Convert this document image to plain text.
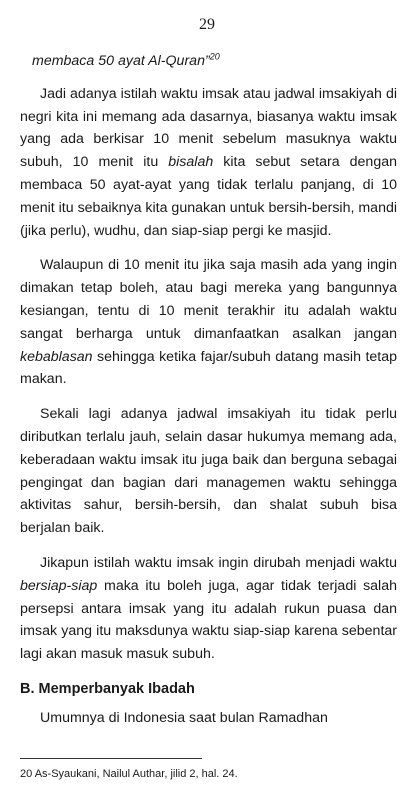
29

membaca 50 ayat Al-Quran”$^{20}$

Jadi adanya istilah waktu imsak atau jadwal imsakiyah di negri kita ini memang ada dasarnya, biasanya waktu imsak yang ada berkisar 10 menit sebelum masuknya waktu subuh, 10 menit itu bisalah kita sebut setara dengan membaca 50 ayat-ayat yang tidak terlalu panjang, di 10 menit itu sebaiknya kita gunakan untuk bersih-bersih, mandi (jika perlu), wudhu, dan siap-siap pergi ke masjid.

Walaupun di 10 menit itu jika saja masih ada yang ingin dimakan tetap boleh, atau bagi mereka yang bangunnya kesiangan, tentu di 10 menit terakhir itu adalah waktu sangat berharga untuk dimanfaatkan asalkan jangan kebablasan sehingga ketika fajar/subuh datang masih tetap makan.

Sekali lagi adanya jadwal imsakiyah itu tidak perlu diributkan terlalu jauh, selain dasar hukumya memang ada, keberadaan waktu imsak itu juga baik dan berguna sebagai pengingat dan bagian dari managemen waktu sehingga aktivitas sahur, bersih-bersih, dan shalat subuh bisa berjalan baik.

Jikapun istilah waktu imsak ingin dirubah menjadi waktu bersiap-siap maka itu boleh juga, agar tidak terjadi salah persepsi antara imsak yang itu adalah rukun puasa dan imsak yang itu maksdunya waktu siap-siap karena sebentar lagi akan masuk masuk subuh.

B. Memperbanyak Ibadah

Umumnya di Indonesia saat bulan Ramadhan

20 As-Syaukani, Nailul Authar, jilid 2, hal. 24.
